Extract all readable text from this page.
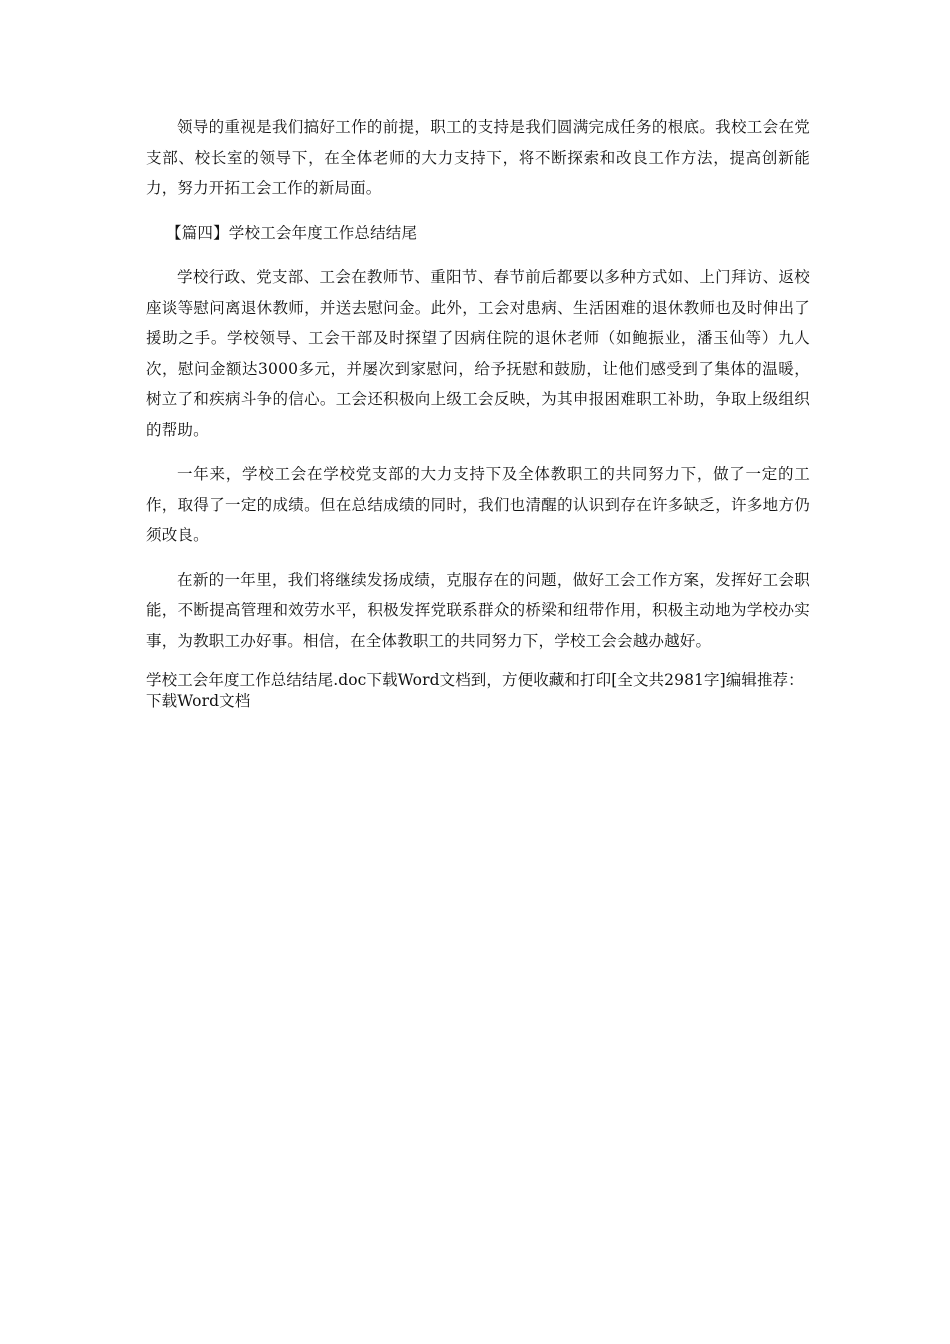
领导的重视是我们搞好工作的前提，职工的支持是我们圆满完成任务的根底。我校工会在党支部、校长室的领导下，在全体老师的大力支持下，将不断探索和改良工作方法，提高创新能力，努力开拓工会工作的新局面。

【篇四】学校工会年度工作总结结尾

学校行政、党支部、工会在教师节、重阳节、春节前后都要以多种方式如、上门拜访、返校座谈等慰问离退休教师，并送去慰问金。此外，工会对患病、生活困难的退休教师也及时伸出了援助之手。学校领导、工会干部及时探望了因病住院的退休老师（如鲍振业，潘玉仙等）九人次，慰问金额达3000多元，并屡次到家慰问，给予抚慰和鼓励，让他们感受到了集体的温暖，树立了和疾病斗争的信心。工会还积极向上级工会反映，为其申报困难职工补助，争取上级组织的帮助。

一年来，学校工会在学校党支部的大力支持下及全体教职工的共同努力下，做了一定的工作，取得了一定的成绩。但在总结成绩的同时，我们也清醒的认识到存在许多缺乏，许多地方仍须改良。

在新的一年里，我们将继续发扬成绩，克服存在的问题，做好工会工作方案，发挥好工会职能，不断提高管理和效劳水平，积极发挥党联系群众的桥梁和纽带作用，积极主动地为学校办实事，为教职工办好事。相信，在全体教职工的共同努力下，学校工会会越办越好。

学校工会年度工作总结结尾.doc下载Word文档到，方便收藏和打印[全文共2981字]编辑推荐：下载Word文档
